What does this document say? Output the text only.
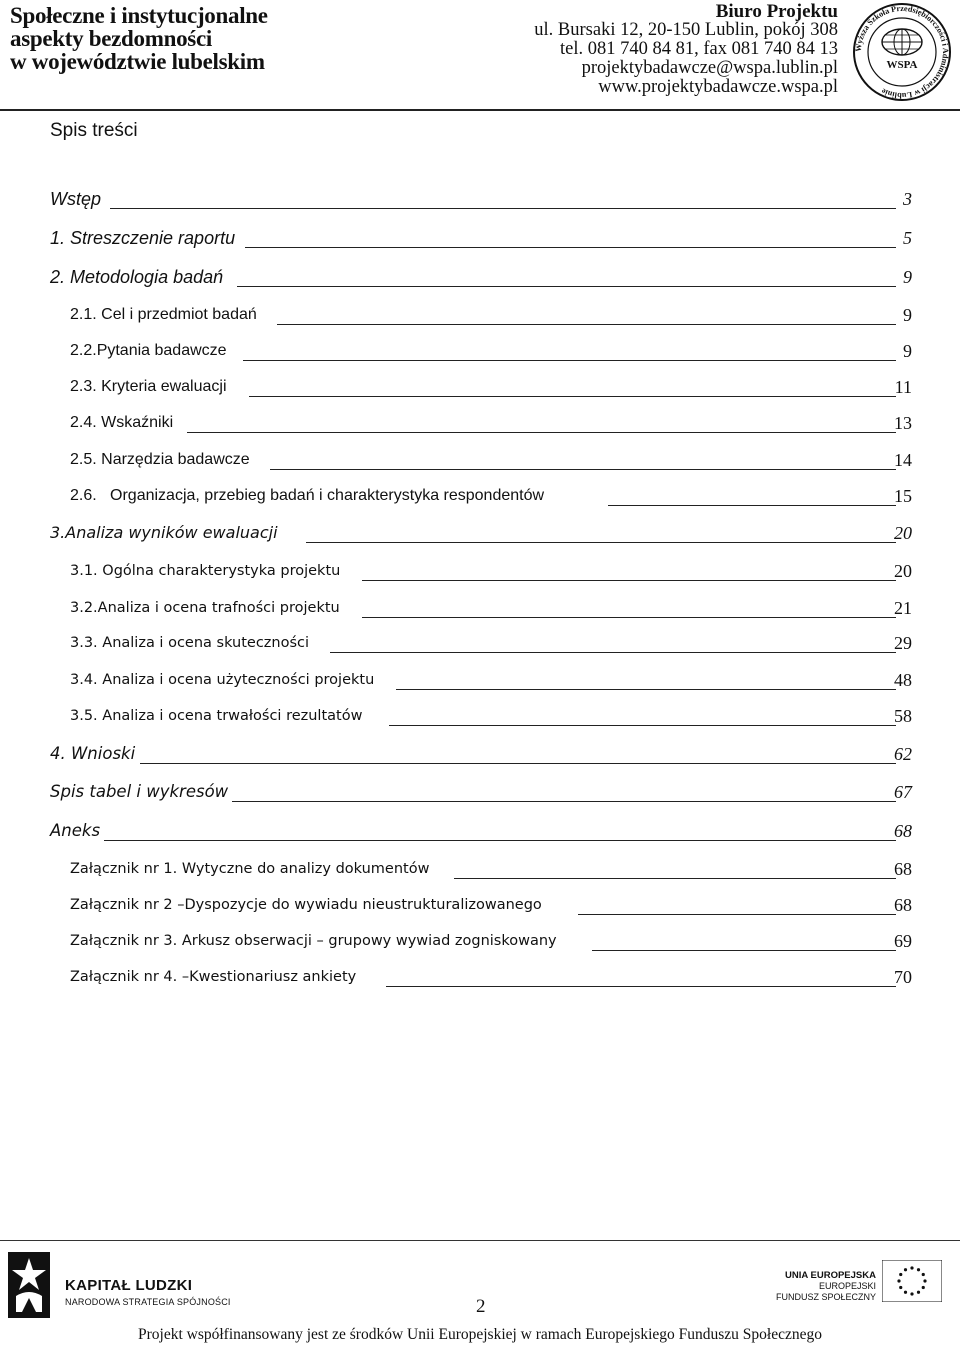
Społeczne i instytucjonalne
aspekty bezdomności
w województwie lubelskim
Biuro Projektu
ul. Bursaki 12, 20-150 Lublin, pokój 308
tel. 081 740 84 81, fax 081 740 84 13
projektybadawcze@wspa.lublin.pl
www.projektybadawcze.wspa.pl
Wyższa Szkoła Przedsiębiorczości i Administracji w Lublinie
WSPA
Spis treści
Wstęp	3
1. Streszczenie raportu	5
2. Metodologia badań	9
2.1. Cel i przedmiot badań	9
2.2.Pytania badawcze	9
2.3. Kryteria ewaluacji	11
2.4. Wskaźniki	13
2.5. Narzędzia badawcze	14
2.6.   Organizacja, przebieg badań i charakterystyka respondentów	15
3.Analiza wyników ewaluacji	20
3.1. Ogólna charakterystyka projektu	20
3.2.Analiza i ocena trafności projektu	21
3.3. Analiza i ocena skuteczności	29
3.4. Analiza i ocena użyteczności projektu	48
3.5. Analiza i ocena trwałości rezultatów	58
4. Wnioski	62
Spis tabel i wykresów	67
Aneks	68
Załącznik nr 1. Wytyczne do analizy dokumentów	68
Załącznik nr 2 –Dyspozycje do wywiadu nieustrukturalizowanego	68
Załącznik nr 3. Arkusz obserwacji – grupowy wywiad zogniskowany	69
Załącznik nr 4. –Kwestionariusz ankiety	70
KAPITAŁ LUDZKI
NARODOWA STRATEGIA SPÓJNOŚCI
UNIA EUROPEJSKA
EUROPEJSKI
FUNDUSZ SPOŁECZNY
2
Projekt współfinansowany jest ze środków Unii Europejskiej w ramach Europejskiego Funduszu Społecznego
